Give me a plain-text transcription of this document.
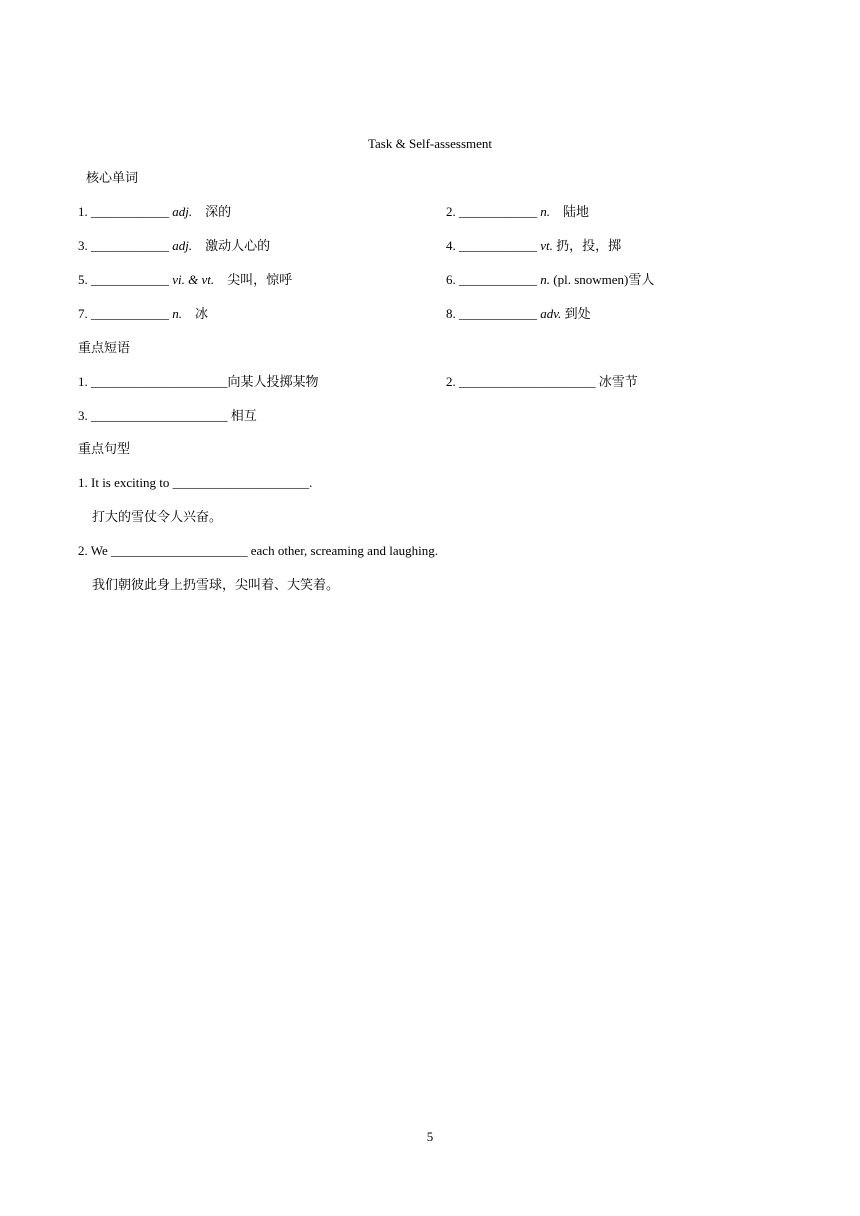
Task & Self-assessment
核心单词
1. ____________ adj.　深的	2. ____________ n.　陆地
3. ____________ adj.　激动人心的	4. ____________ vt. 扔，投，掷
5. ____________ vi. & vt.　尖叫，惊呼	6. ____________ n. (pl. snowmen)雪人
7. ____________ n.　冰	8. ____________ adv. 到处
重点短语
1. _____________________向某人投掷某物	2. _____________________ 冰雪节
3. _____________________ 相互
重点句型
1. It is exciting to _____________________.
打大的雪仗令人兴奋。
2. We _____________________ each other, screaming and laughing.
我们朝彼此身上扔雪球，尖叫着、大笑着。
5
